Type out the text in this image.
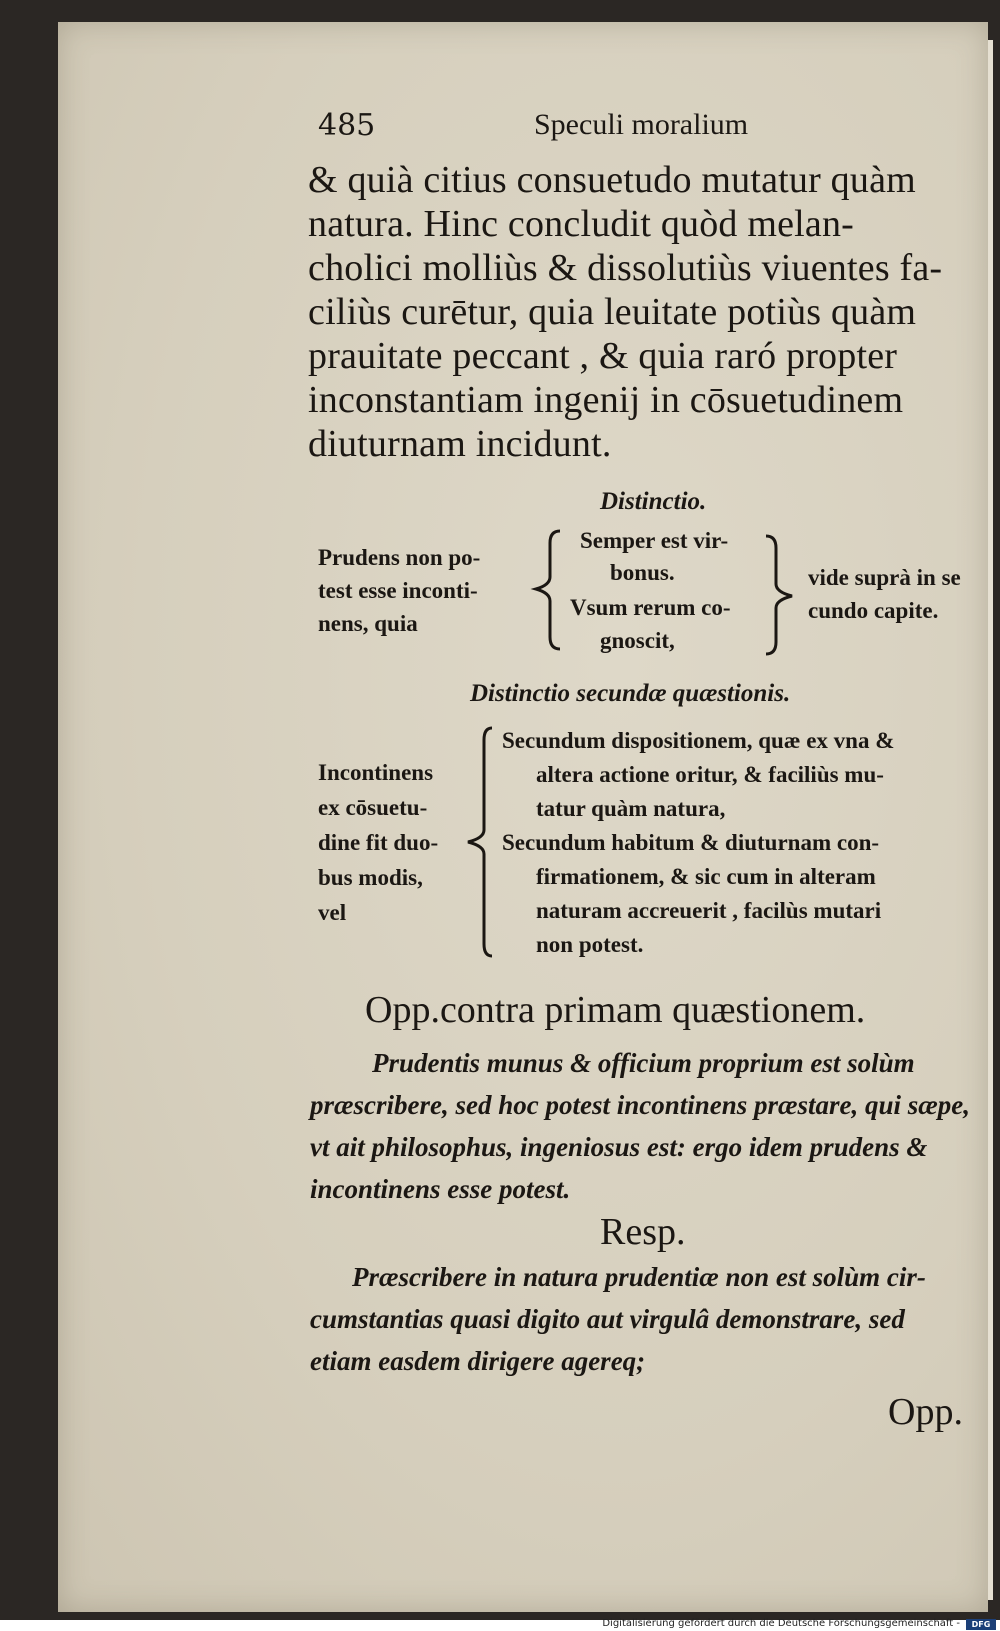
485	Speculi moralium
& quià citius consuetudo mutatur quàm
natura. Hinc concludit quòd melan-
cholici molliùs & dissolutiùs viuentes fa-
ciliùs curētur, quia leuitate potiùs quàm
prauitate peccant , & quia raró propter
inconstantiam ingenij in cōsuetudinem
diuturnam incidunt.
Distinctio.
Prudens non po-
test esse inconti-
nens, quia
Semper est vir-
bonus.
Vsum rerum co-
gnoscit,
vide suprà in se
cundo capite.
Distinctio secundæ quæstionis.
Incontinens
ex cōsuetu-
dine fit duo-
bus modis,
vel
Secundum dispositionem, quæ ex vna &
altera actione oritur, & faciliùs mu-
tatur quàm natura,
Secundum habitum & diuturnam con-
firmationem, & sic cum in alteram
naturam accreuerit , facilùs mutari
non potest.
Opp.contra primam quæstionem.
Prudentis munus & officium proprium est solùm
præscribere, sed hoc potest incontinens præstare, qui sæpe,
vt ait philosophus, ingeniosus est: ergo idem prudens &
incontinens esse potest.
Resp.
Præscribere in natura prudentiæ non est solùm cir-
cumstantias quasi digito aut virgulâ demonstrare, sed
etiam easdem dirigere agereq;
Opp.
Digitalisierung gefördert durch die Deutsche Forschungsgemeinschaft -	DFG
